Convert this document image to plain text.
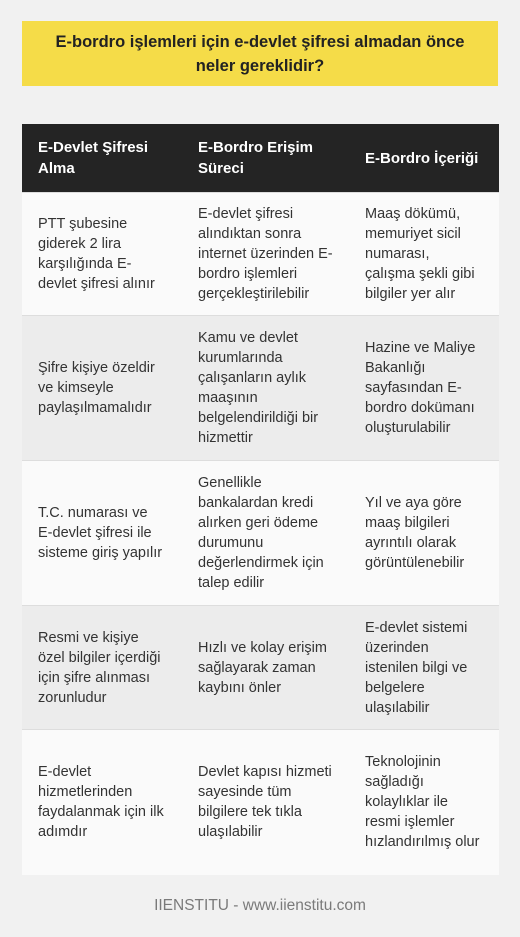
E-bordro işlemleri için e-devlet şifresi almadan önce neler gereklidir?
E-Devlet Şifresi Alma	E-Bordro Erişim Süreci	E-Bordro İçeriği
PTT şubesine giderek 2 lira karşılığında E-devlet şifresi alınır	E-devlet şifresi alındıktan sonra internet üzerinden E-bordro işlemleri gerçekleştirilebilir	Maaş dökümü, memuriyet sicil numarası, çalışma şekli gibi bilgiler yer alır
Şifre kişiye özeldir ve kimseyle paylaşılmamalıdır	Kamu ve devlet kurumlarında çalışanların aylık maaşının belgelendirildiği bir hizmettir	Hazine ve Maliye Bakanlığı sayfasından E-bordro dokümanı oluşturulabilir
T.C. numarası ve E-devlet şifresi ile sisteme giriş yapılır	Genellikle bankalardan kredi alırken geri ödeme durumunu değerlendirmek için talep edilir	Yıl ve aya göre maaş bilgileri ayrıntılı olarak görüntülenebilir
Resmi ve kişiye özel bilgiler içerdiği için şifre alınması zorunludur	Hızlı ve kolay erişim sağlayarak zaman kaybını önler	E-devlet sistemi üzerinden istenilen bilgi ve belgelere ulaşılabilir
E-devlet hizmetlerinden faydalanmak için ilk adımdır	Devlet kapısı hizmeti sayesinde tüm bilgilere tek tıkla ulaşılabilir	Teknolojinin sağladığı kolaylıklar ile resmi işlemler hızlandırılmış olur
IIENSTITU - www.iienstitu.com
